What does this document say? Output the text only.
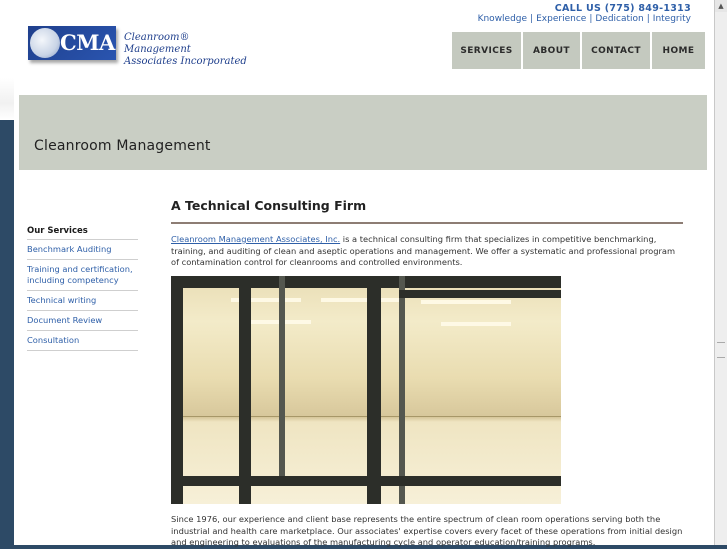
CALL US (775) 849-1313
Knowledge | Experience | Dedication | Integrity
CMA Cleanroom® Management
Associates Incorporated
SERVICES	ABOUT	CONTACT	HOME
▲
Cleanroom Management
Our Services
Benchmark Auditing
Training and certification, including competency
Technical writing
Document Review
Consultation
A Technical Consulting Firm

Cleanroom Management Associates, Inc. is a technical consulting firm that specializes in competitive benchmarking, training, and auditing of clean and aseptic operations and management. We offer a systematic and professional program of contamination control for cleanrooms and controlled environments.

Since 1976, our experience and client base represents the entire spectrum of clean room operations serving both the industrial and health care marketplace. Our associates' expertise covers every facet of these operations from initial design and engineering to evaluations of the manufacturing cycle and operator education/training programs.
